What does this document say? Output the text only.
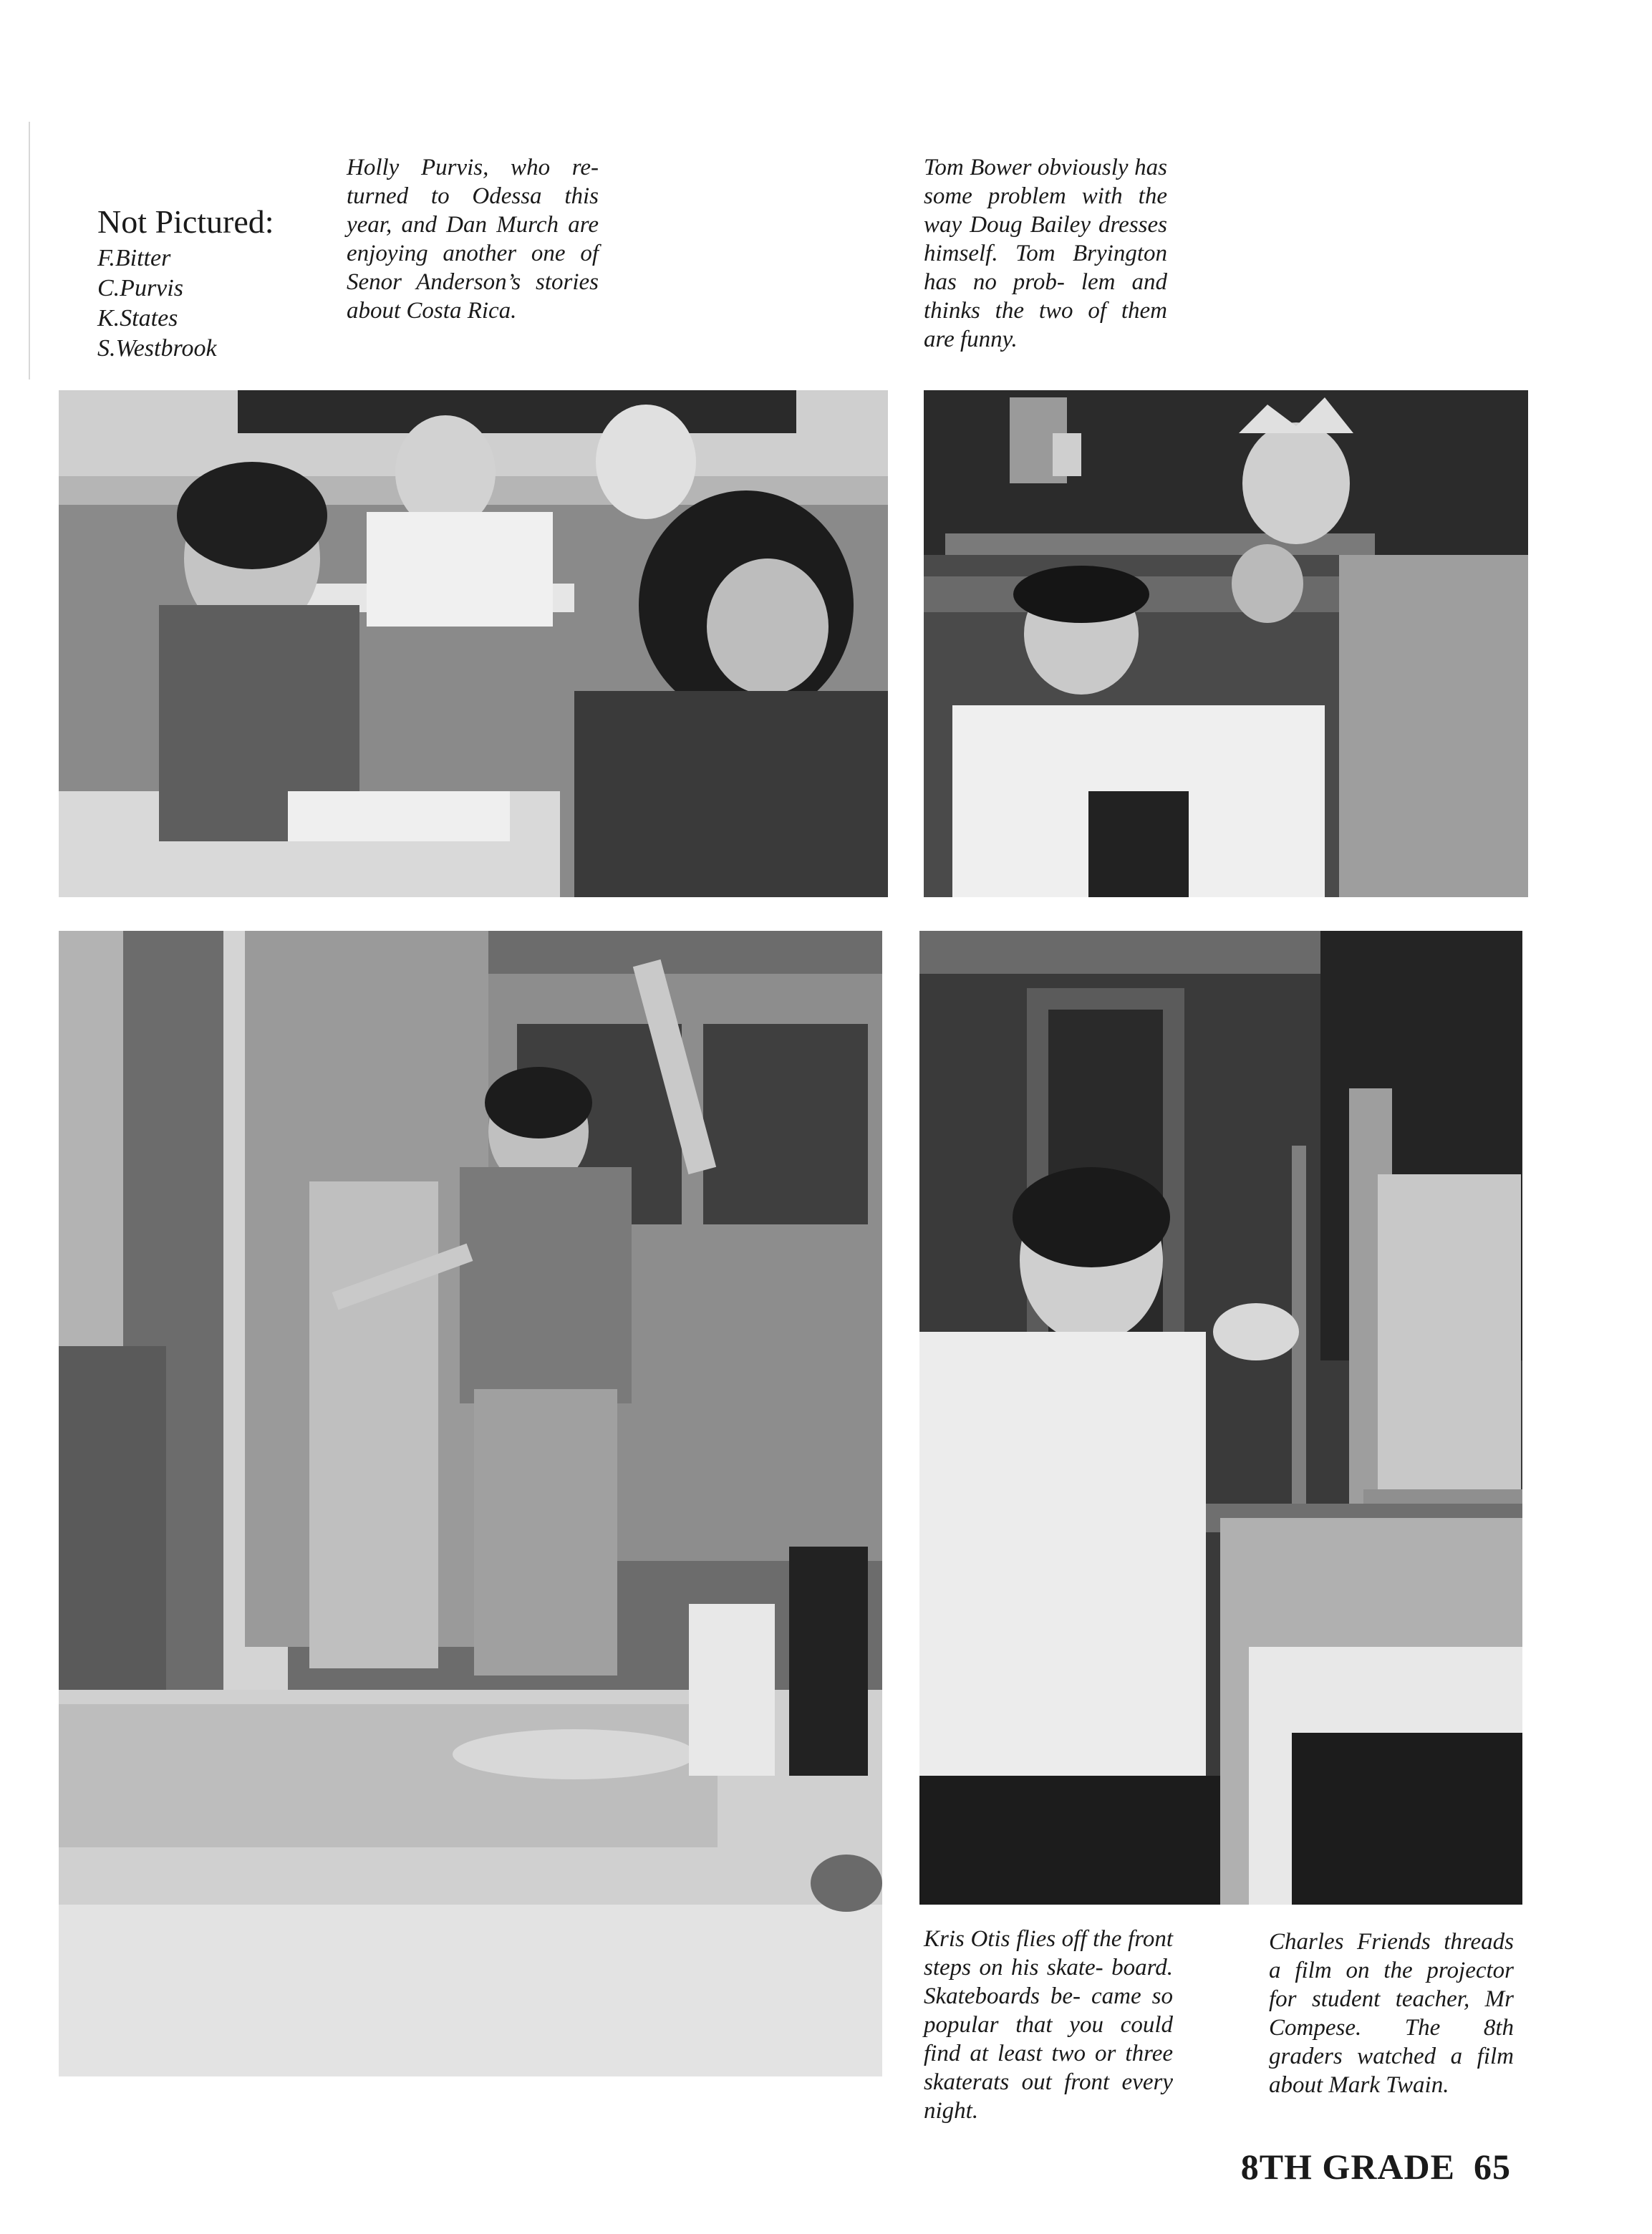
Not Pictured:
F.Bitter
C.Purvis
K.States
S.Westbrook
Holly Purvis, who re- turned to Odessa this year, and Dan Murch are enjoying another one of Senor Anderson’s stories about Costa Rica.
Tom Bower obviously has some problem with the way Doug Bailey dresses himself. Tom Bryington has no prob- lem and thinks the two of them are funny.
Kris Otis flies off the front steps on his skate- board. Skateboards be- came so popular that you could find at least two or three skaterats out front every night.
Charles Friends threads a film on the projector for student teacher, Mr Compese. The 8th graders watched a film about Mark Twain.
8TH GRADE 65
